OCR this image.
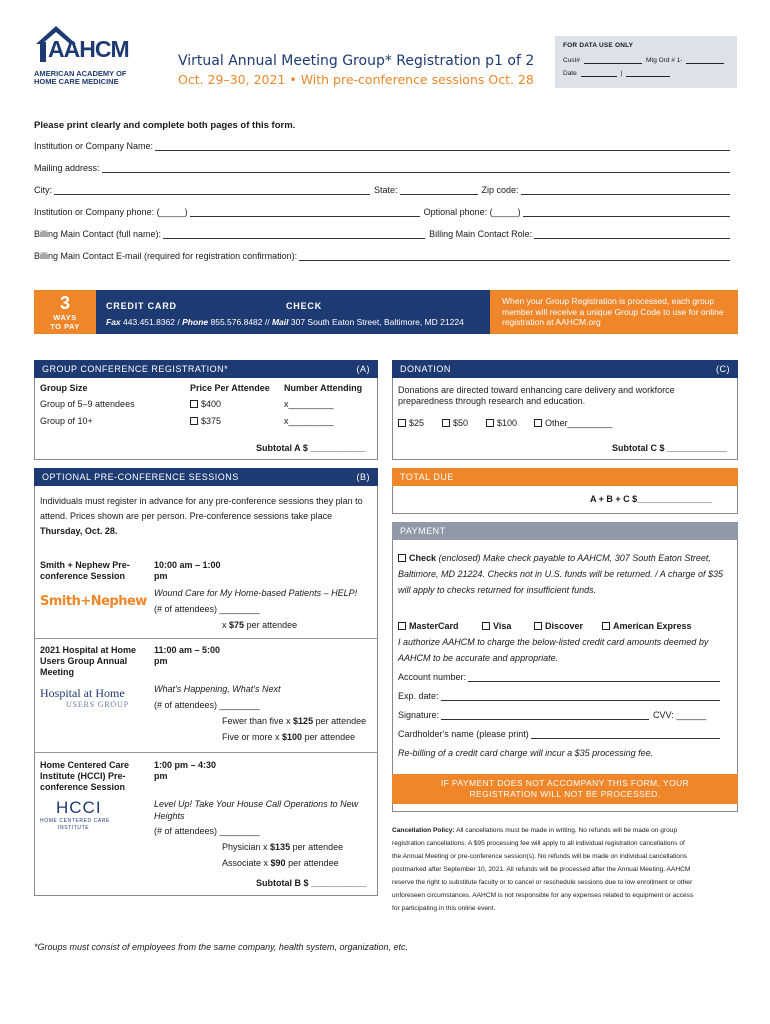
AAHCM
AMERICAN ACADEMY OF
HOME CARE MEDICINE
Virtual Annual Meeting Group* Registration p1 of 2
Oct. 29–30, 2021 • With pre-conference sessions Oct. 28
FOR DATA USE ONLY
Cust#	Mtg Ord # 1-
Date	|
Please print clearly and complete both pages of this form.
Institution or Company Name:
Mailing address:
City:	State:	Zip code:
Institution or Company phone: (_____)	Optional phone: (_____)
Billing Main Contact (full name):	Billing Main Contact Role:
Billing Main Contact E-mail (required for registration confirmation):
3
WAYS
TO PAY
CREDIT CARD	CHECK
Fax 443.451.8362 / Phone 855.576.8482 // Mail 307 South Eaton Street, Baltimore, MD 21224
When your Group Registration is processed, each group member will receive a unique Group Code to use for online registration at AAHCM.org
GROUP CONFERENCE REGISTRATION*	(A)
Group Size	Price Per Attendee Number Attending
Group of 5–9 attendees	$400	x_________
Group of 10+	$375	x_________
Subtotal A $ ___________
OPTIONAL PRE-CONFERENCE SESSIONS	(B)
Individuals must register in advance for any pre-conference sessions they plan to attend. Prices shown are per person. Pre-conference sessions take place Thursday, Oct. 28.
Smith + Nephew Pre-conference Session
Smith+Nephew
10:00 am – 1:00 pm
Wound Care for My Home-based Patients – HELP!
(# of attendees) ________
x $75 per attendee
2021 Hospital at Home Users Group Annual Meeting
Hospital at Home
USERS GROUP
11:00 am – 5:00 pm
What's Happening, What's Next
(# of attendees) ________
Fewer than five x $125 per attendee
Five or more x $100 per attendee
Home Centered Care Institute (HCCI) Pre-conference Session
HCCI
HOME CENTERED CARE
INSTITUTE
1:00 pm – 4:30 pm
Level Up! Take Your House Call Operations to New Heights
(# of attendees) ________
Physician x $135 per attendee
Associate x $90 per attendee
Subtotal B $ ___________
DONATION	(C)
Donations are directed toward enhancing care delivery and workforce preparedness through research and education.
$25	$50	$100	Other_________
Subtotal C $ ____________
TOTAL DUE
A + B + C $_______________
PAYMENT
Check (enclosed) Make check payable to AAHCM, 307 South Eaton Street,
Baltimore, MD 21224. Checks not in U.S. funds will be returned. / A charge of $35
will apply to checks returned for insufficient funds.
MasterCard	Visa	Discover	American Express
I authorize AAHCM to charge the below-listed credit card amounts deemed by
AAHCM to be accurate and appropriate.
Account number:
Exp. date:
Signature:	CVV: ______
Cardholder's name (please print)
Re-billing of a credit card charge will incur a $35 processing fee.
IF PAYMENT DOES NOT ACCOMPANY THIS FORM, YOUR
REGISTRATION WILL NOT BE PROCESSED.
Cancellation Policy: All cancellations must be made in writing. No refunds will be made on group
registration cancellations. A $95 processing fee will apply to all individual registration cancellations of
the Annual Meeting or pre-conference session(s). No refunds will be made on individual cancellations
postmarked after September 10, 2021. All refunds will be processed after the Annual Meeting. AAHCM
reserve the right to substitute faculty or to cancel or reschedule sessions due to low enrollment or other
unforeseen circumstances. AAHCM is not responsible for any expenses related to equipment or access
for participating in this online event.
*Groups must consist of employees from the same company, health system, organization, etc.
